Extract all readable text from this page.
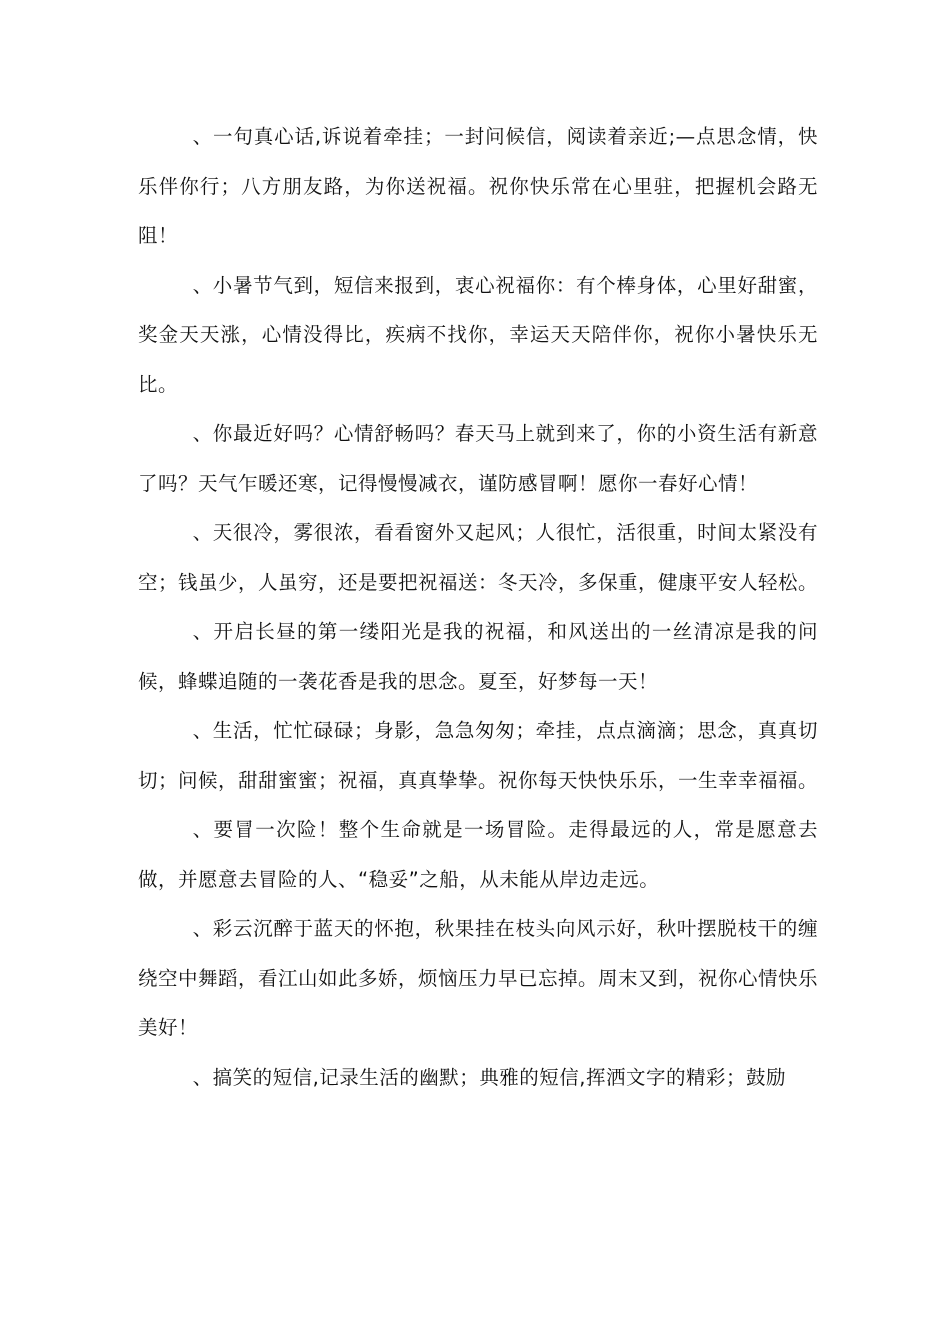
、一句真心话,诉说着牵挂；一封问候信，阅读着亲近;—点思念情，快乐伴你行；八方朋友路，为你送祝福。祝你快乐常在心里驻，把握机会路无阻！

、小暑节气到，短信来报到，衷心祝福你：有个棒身体，心里好甜蜜，奖金天天涨，心情没得比，疾病不找你，幸运天天陪伴你，祝你小暑快乐无比。

、你最近好吗？心情舒畅吗？春天马上就到来了，你的小资生活有新意了吗？天气乍暖还寒，记得慢慢减衣，谨防感冒啊！愿你一春好心情！

、天很冷，雾很浓，看看窗外又起风；人很忙，活很重，时间太紧没有空；钱虽少，人虽穷，还是要把祝福送：冬天冷，多保重，健康平安人轻松。

、开启长昼的第一缕阳光是我的祝福，和风送出的一丝清凉是我的问候，蜂蝶追随的一袭花香是我的思念。夏至，好梦每一天！

、生活，忙忙碌碌；身影，急急匆匆；牵挂，点点滴滴；思念，真真切切；问候，甜甜蜜蜜；祝福，真真挚挚。祝你每天快快乐乐，一生幸幸福福。

、要冒一次险！整个生命就是一场冒险。走得最远的人，常是愿意去做，并愿意去冒险的人、“稳妥”之船，从未能从岸边走远。

、彩云沉醉于蓝天的怀抱，秋果挂在枝头向风示好，秋叶摆脱枝干的缠绕空中舞蹈，看江山如此多娇，烦恼压力早已忘掉。周末又到，祝你心情快乐美好！

、搞笑的短信,记录生活的幽默；典雅的短信,挥洒文字的精彩；鼓励
